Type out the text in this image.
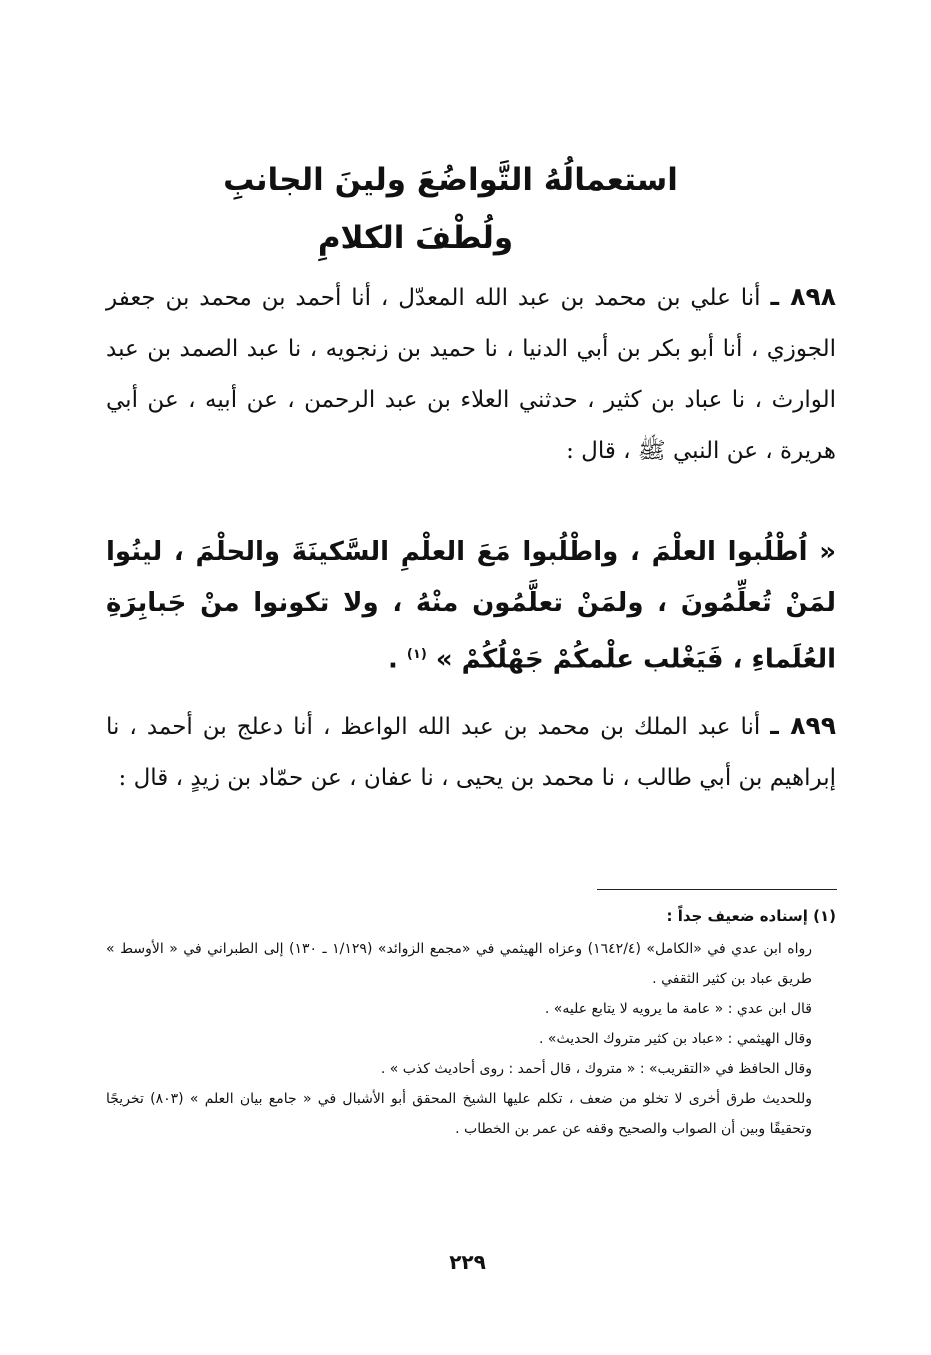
استعمالُهُ التَّواضُعَ ولينَ الجانبِ
ولُطْفَ الكلامِ
٨٩٨ ـ أنا علي بن محمد بن عبد الله المعدّل ، أنا أحمد بن محمد بن جعفر الجوزي ، أنا أبو بكر بن أبي الدنيا ، نا حميد بن زنجويه ، نا عبد الصمد بن عبد الوارث ، نا عباد بن كثير ، حدثني العلاء بن عبد الرحمن ، عن أبيه ، عن أبي هريرة ، عن النبي ﷺ ، قال :
« اُطْلُبوا العلْمَ ، واطْلُبوا مَعَ العلْمِ السَّكينَةَ والحلْمَ ، لينُوا لمَنْ تُعلِّمُونَ ، ولمَنْ تعلَّمُون منْهُ ، ولا تكونوا منْ جَبابِرَةِ العُلَماءِ ، فَيَغْلب علْمكُمْ جَهْلُكُمْ » $^{(١)}$ .
٨٩٩ ـ أنا عبد الملك بن محمد بن عبد الله الواعظ ، أنا دعلج بن أحمد ، نا إبراهيم بن أبي طالب ، نا محمد بن يحيى ، نا عفان ، عن حمّاد بن زيدٍ ، قال :
(١) إسناده ضعيف جداً :

رواه ابن عدي في «الكامل» (١٦٤٢/٤) وعزاه الهيثمي في «مجمع الزوائد» (١/١٢٩ ـ ١٣٠) إلى الطبراني في « الأوسط » طريق عباد بن كثير الثقفي .

قال ابن عدي : « عامة ما يرويه لا يتابع عليه» .

وقال الهيثمي : «عباد بن كثير متروك الحديث» .

وقال الحافظ في «التقريب» : « متروك ، قال أحمد : روى أحاديث كذب » .

وللحديث طرق أخرى لا تخلو من ضعف ، تكلم عليها الشيخ المحقق أبو الأشبال في « جامع بيان العلم » (٨٠٣) تخريجًا وتحقيقًا وبين أن الصواب والصحيح وقفه عن عمر بن الخطاب .

٢٢٩
